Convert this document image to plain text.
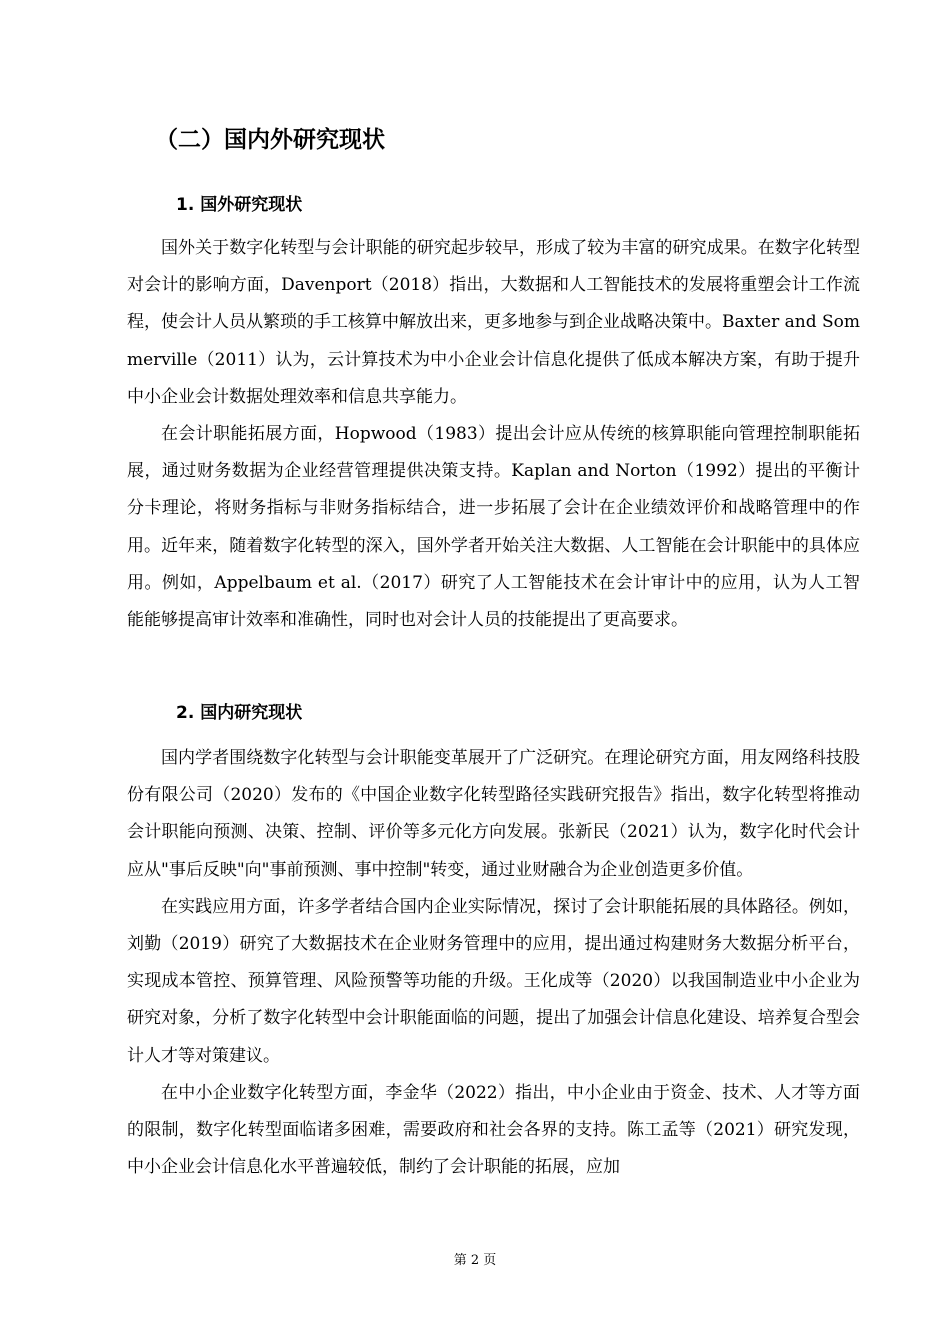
（二）国内外研究现状
1. 国外研究现状

国外关于数字化转型与会计职能的研究起步较早，形成了较为丰富的研究成果。在数字化转型对会计的影响方面，Davenport（2018）指出，大数据和人工智能技术的发展将重塑会计工作流程，使会计人员从繁琐的手工核算中解放出来，更多地参与到企业战略决策中。Baxter and Sommerville（2011）认为，云计算技术为中小企业会计信息化提供了低成本解决方案，有助于提升中小企业会计数据处理效率和信息共享能力。

在会计职能拓展方面，Hopwood（1983）提出会计应从传统的核算职能向管理控制职能拓展，通过财务数据为企业经营管理提供决策支持。Kaplan and Norton（1992）提出的平衡计分卡理论，将财务指标与非财务指标结合，进一步拓展了会计在企业绩效评价和战略管理中的作用。近年来，随着数字化转型的深入，国外学者开始关注大数据、人工智能在会计职能中的具体应用。例如，Appelbaum et al.（2017）研究了人工智能技术在会计审计中的应用，认为人工智能能够提高审计效率和准确性，同时也对会计人员的技能提出了更高要求。

2. 国内研究现状

国内学者围绕数字化转型与会计职能变革展开了广泛研究。在理论研究方面，用友网络科技股份有限公司（2020）发布的《中国企业数字化转型路径实践研究报告》指出，数字化转型将推动会计职能向预测、决策、控制、评价等多元化方向发展。张新民（2021）认为，数字化时代会计应从"事后反映"向"事前预测、事中控制"转变，通过业财融合为企业创造更多价值。

在实践应用方面，许多学者结合国内企业实际情况，探讨了会计职能拓展的具体路径。例如，刘勤（2019）研究了大数据技术在企业财务管理中的应用，提出通过构建财务大数据分析平台，实现成本管控、预算管理、风险预警等功能的升级。王化成等（2020）以我国制造业中小企业为研究对象，分析了数字化转型中会计职能面临的问题，提出了加强会计信息化建设、培养复合型会计人才等对策建议。

在中小企业数字化转型方面，李金华（2022）指出，中小企业由于资金、技术、人才等方面的限制，数字化转型面临诸多困难，需要政府和社会各界的支持。陈工孟等（2021）研究发现，中小企业会计信息化水平普遍较低，制约了会计职能的拓展，应加

第 2 页
